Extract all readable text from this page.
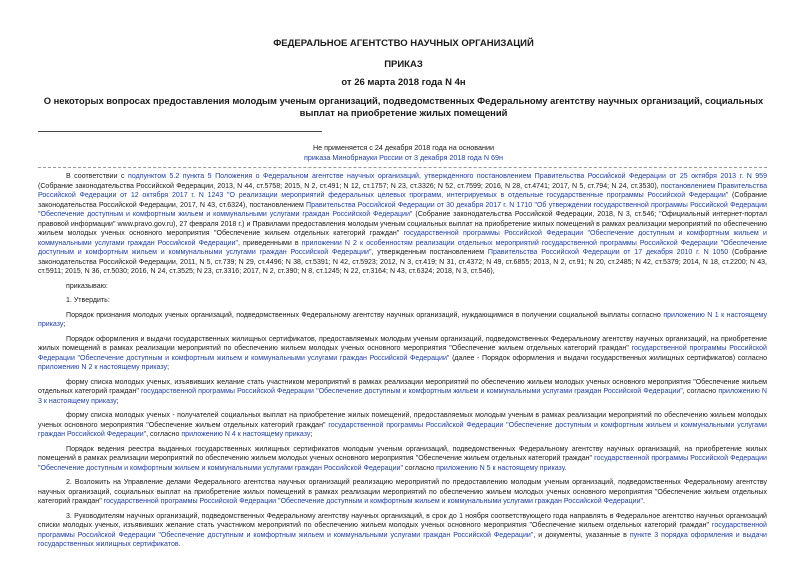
ФЕДЕРАЛЬНОЕ АГЕНТСТВО НАУЧНЫХ ОРГАНИЗАЦИЙ
ПРИКАЗ
от 26 марта 2018 года N 4н
О некоторых вопросах предоставления молодым ученым организаций, подведомственных Федеральному агентству научных организаций, социальных выплат на приобретение жилых помещений
Не применяется с 24 декабря 2018 года на основании
приказа Минобрнауки России от 3 декабря 2018 года N 69н

В соответствии с подпунктом 5.2 пункта 5 Положения о Федеральном агентстве научных организаций, утвержденного постановлением Правительства Российской Федерации от 25 октября 2013 г. N 959 (Собрание законодательства Российской Федерации, 2013, N 44, ст.5758; 2015, N 2, ст.491; N 12, ст.1757; N 23, ст.3326; N 52, ст.7599; 2016, N 28, ст.4741; 2017, N 5, ст.794; N 24, ст.3530), постановлением Правительства Российской Федерации от 12 октября 2017 г. N 1243 "О реализации мероприятий федеральных целевых программ, интегрируемых в отдельные государственные программы Российской Федерации" (Собрание законодательства Российской Федерации, 2017, N 43, ст.6324), постановлением Правительства Российской Федерации от 30 декабря 2017 г. N 1710 "Об утверждении государственной программы Российской Федерации "Обеспечение доступным и комфортным жильем и коммунальными услугами граждан Российской Федерации" (Собрание законодательства Российской Федерации, 2018, N 3, ст.546; "Официальный интернет-портал правовой информации" www.pravo.gov.ru), 27 февраля 2018 г.) и Правилами предоставления молодым ученым социальных выплат на приобретение жилых помещений в рамках реализации мероприятий по обеспечению жильем молодых ученых основного мероприятия "Обеспечение жильем отдельных категорий граждан" государственной программы Российской Федерации "Обеспечение доступным и комфортным жильем и коммунальными услугами граждан Российской Федерации", приведенными в приложении N 2 к особенностям реализации отдельных мероприятий государственной программы Российской Федерации "Обеспечение доступным и комфортным жильем и коммунальными услугами граждан Российской Федерации", утвержденным постановлением Правительства Российской Федерации от 17 декабря 2010 г. N 1050 (Собрание законодательства Российской Федерации, 2011, N 5, ст.739; N 29, ст.4496; N 38, ст.5391; N 42, ст.5923; 2012, N 3, ст.419; N 31, ст.4372; N 49, ст.6855; 2013, N 2, ст.91; N 20, ст.2485; N 42, ст.5379; 2014, N 18, ст.2200; N 43, ст.5911; 2015, N 36, ст.5030; 2016, N 24, ст.3525; N 23, ст.3316; 2017, N 2, ст.390; N 8, ст.1245; N 22, ст.3164; N 43, ст.6324; 2018, N 3, ст.546),

приказываю:

1. Утвердить:

Порядок признания молодых ученых организаций, подведомственных Федеральному агентству научных организаций, нуждающимися в получении социальной выплаты согласно приложению N 1 к настоящему приказу;

Порядок оформления и выдачи государственных жилищных сертификатов, предоставляемых молодым ученым организаций, подведомственных Федеральному агентству научных организаций, на приобретение жилых помещений в рамках реализации мероприятий по обеспечению жильем молодых ученых основного мероприятия "Обеспечение жильем отдельных категорий граждан" государственной программы Российской Федерации "Обеспечение доступным и комфортным жильем и коммунальными услугами граждан Российской Федерации" (далее - Порядок оформления и выдачи государственных жилищных сертификатов) согласно приложению N 2 к настоящему приказу;

форму списка молодых ученых, изъявивших желание стать участником мероприятий в рамках реализации мероприятий по обеспечению жильем молодых ученых основного мероприятия "Обеспечение жильем отдельных категорий граждан" государственной программы Российской Федерации "Обеспечение доступным и комфортным жильем и коммунальными услугами граждан Российской Федерации", согласно приложению N 3 к настоящему приказу;

форму списка молодых ученых - получателей социальных выплат на приобретение жилых помещений, предоставляемых молодым ученым в рамках реализации мероприятий по обеспечению жильем молодых ученых основного мероприятия "Обеспечение жильем отдельных категорий граждан" государственной программы Российской Федерации "Обеспечение доступным и комфортным жильем и коммунальными услугами граждан Российской Федерации", согласно приложению N 4 к настоящему приказу;

Порядок ведения реестра выданных государственных жилищных сертификатов молодым ученым организаций, подведомственных Федеральному агентству научных организаций, на приобретение жилых помещений в рамках реализации мероприятий по обеспечению жильем молодых ученых основного мероприятия "Обеспечение жильем отдельных категорий граждан" государственной программы Российской Федерации "Обеспечение доступным и комфортным жильем и коммунальными услугами граждан Российской Федерации" согласно приложению N 5 к настоящему приказу.

2. Возложить на Управление делами Федерального агентства научных организаций реализацию мероприятий по предоставлению молодым ученым организаций, подведомственных Федеральному агентству научных организаций, социальных выплат на приобретение жилых помещений в рамках реализации мероприятий по обеспечению жильем молодых ученых основного мероприятия "Обеспечение жильем отдельных категорий граждан" государственной программы Российской Федерации "Обеспечение доступным и комфортным жильем и коммунальными услугами граждан Российской Федерации".

3. Руководителям научных организаций, подведомственных Федеральному агентству научных организаций, в срок до 1 ноября соответствующего года направлять в Федеральное агентство научных организаций списки молодых ученых, изъявивших желание стать участником мероприятий по обеспечению жильем молодых ученых основного мероприятия "Обеспечение жильем отдельных категорий граждан" государственной программы Российской Федерации "Обеспечение доступным и комфортным жильем и коммунальными услугами граждан Российской Федерации", и документы, указанные в пункте 3 порядка оформления и выдачи государственных жилищных сертификатов.
